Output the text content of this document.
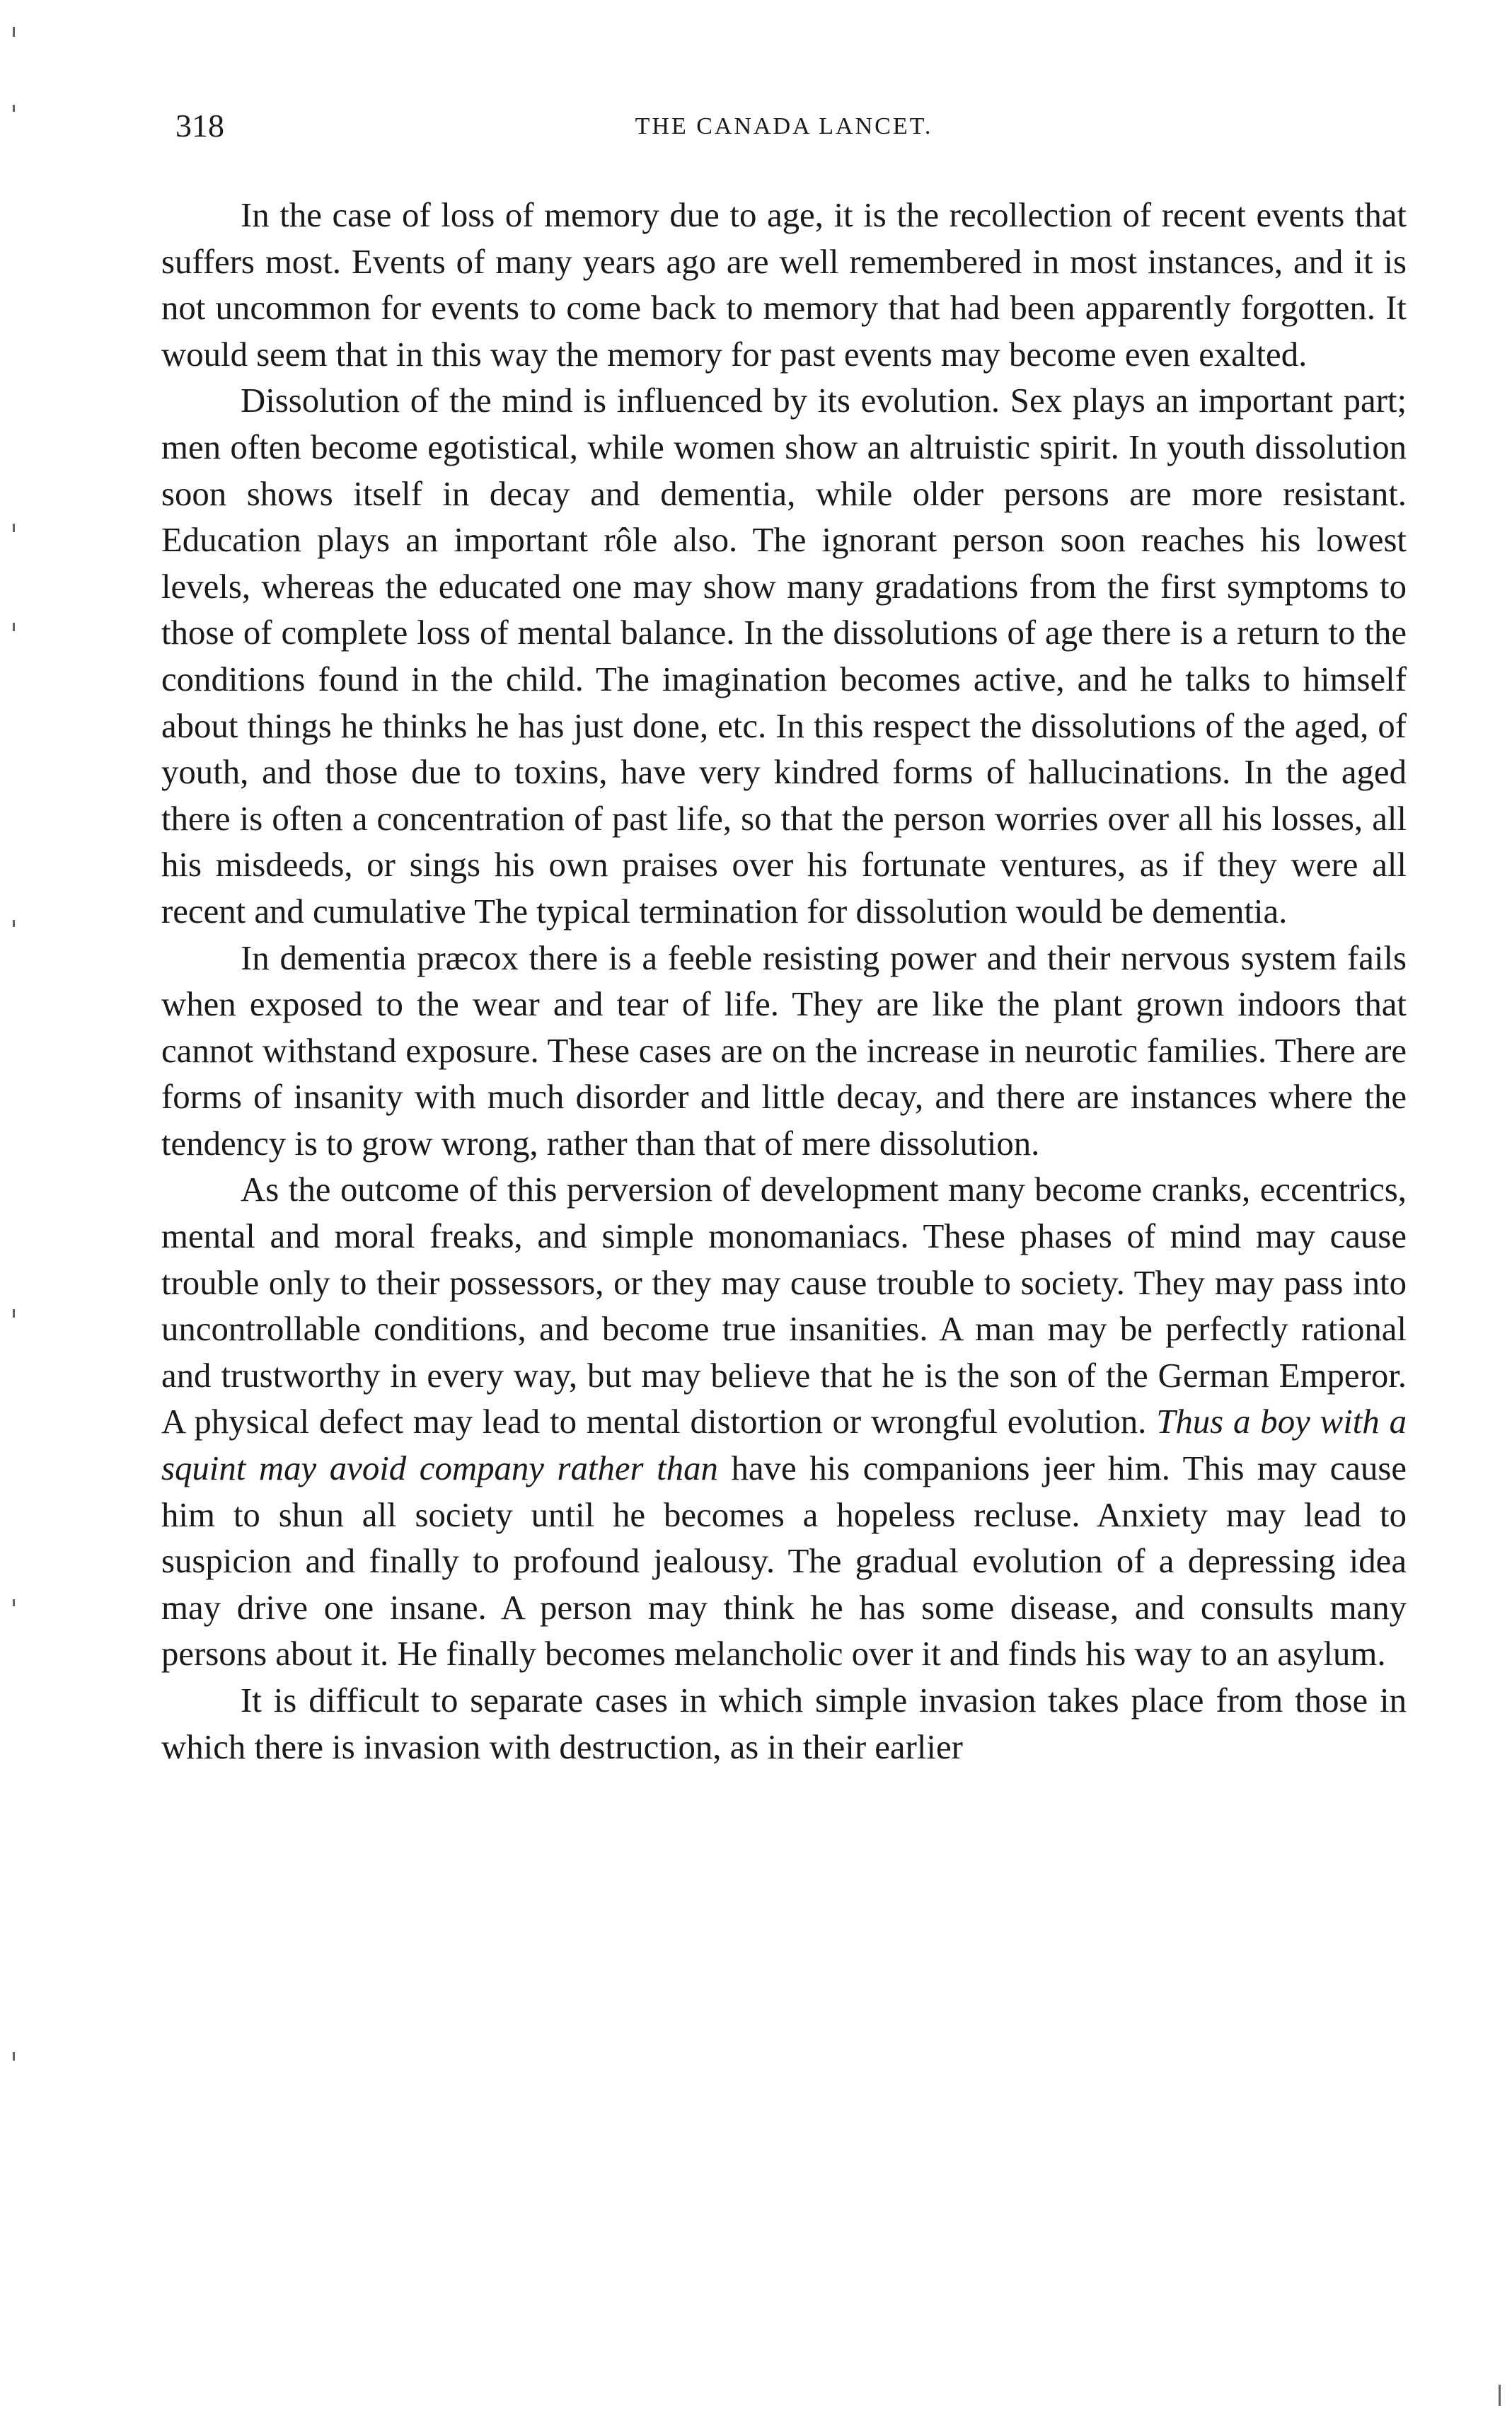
318	THE CANADA LANCET.

In the case of loss of memory due to age, it is the recollection of recent events that suffers most. Events of many years ago are well remembered in most instances, and it is not uncommon for events to come back to memory that had been apparently forgotten. It would seem that in this way the memory for past events may become even exalted.

Dissolution of the mind is influenced by its evolution. Sex plays an important part; men often become egotistical, while women show an altruistic spirit. In youth dissolution soon shows itself in decay and dementia, while older persons are more resistant. Education plays an important rôle also. The ignorant person soon reaches his lowest levels, whereas the educated one may show many gradations from the first symptoms to those of complete loss of mental balance. In the dissolutions of age there is a return to the conditions found in the child. The imagination becomes active, and he talks to himself about things he thinks he has just done, etc. In this respect the dissolutions of the aged, of youth, and those due to toxins, have very kindred forms of hallucinations. In the aged there is often a concentration of past life, so that the person worries over all his losses, all his misdeeds, or sings his own praises over his fortunate ventures, as if they were all recent and cumulative The typical termination for dissolution would be dementia.

In dementia præcox there is a feeble resisting power and their nervous system fails when exposed to the wear and tear of life. They are like the plant grown indoors that cannot withstand exposure. These cases are on the increase in neurotic families. There are forms of insanity with much disorder and little decay, and there are instances where the tendency is to grow wrong, rather than that of mere dissolution.

As the outcome of this perversion of development many become cranks, eccentrics, mental and moral freaks, and simple monomaniacs. These phases of mind may cause trouble only to their possessors, or they may cause trouble to society. They may pass into uncontrollable conditions, and become true insanities. A man may be perfectly rational and trustworthy in every way, but may believe that he is the son of the German Emperor. A physical defect may lead to mental distortion or wrongful evolution. Thus a boy with a squint may avoid company rather than have his companions jeer him. This may cause him to shun all society until he becomes a hopeless recluse. Anxiety may lead to suspicion and finally to profound jealousy. The gradual evolution of a depressing idea may drive one insane. A person may think he has some disease, and consults many persons about it. He finally becomes melancholic over it and finds his way to an asylum.

It is difficult to separate cases in which simple invasion takes place from those in which there is invasion with destruction, as in their earlier
